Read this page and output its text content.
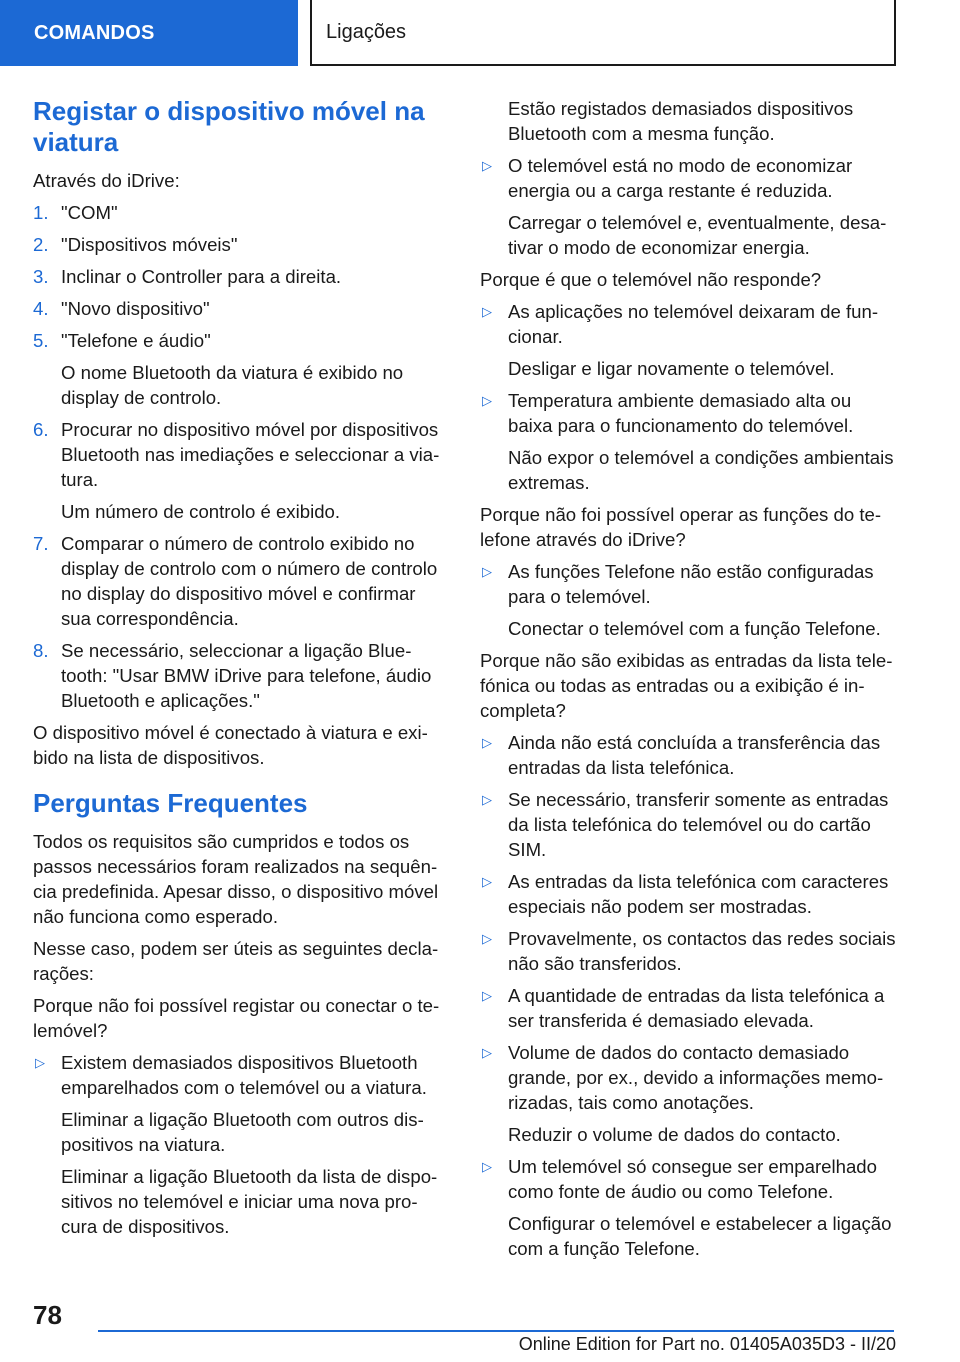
COMANDOS	Ligações
Registar o dispositivo móvel na viatura

Através do iDrive:

1. "COM"
2. "Dispositivos móveis"
3. Inclinar o Controller para a direita.
4. "Novo dispositivo"
5. "Telefone e áudio"
O nome Bluetooth da viatura é exibido no display de controlo.
6. Procurar no dispositivo móvel por dispositivos Bluetooth nas imediações e seleccionar a viatura.
Um número de controlo é exibido.
7. Comparar o número de controlo exibido no display de controlo com o número de controlo no display do dispositivo móvel e confirmar sua correspondência.
8. Se necessário, seleccionar a ligação Bluetooth: "Usar BMW iDrive para telefone, áudio Bluetooth e aplicações."

O dispositivo móvel é conectado à viatura e exibido na lista de dispositivos.

Perguntas Frequentes

Todos os requisitos são cumpridos e todos os passos necessários foram realizados na sequência predefinida. Apesar disso, o dispositivo móvel não funciona como esperado.

Nesse caso, podem ser úteis as seguintes declarações:

Porque não foi possível registar ou conectar o telemóvel?

▷ Existem demasiados dispositivos Bluetooth emparelhados com o telemóvel ou a viatura.
Eliminar a ligação Bluetooth com outros dispositivos na viatura.
Eliminar a ligação Bluetooth da lista de dispositivos no telemóvel e iniciar uma nova procura de dispositivos.

Estão registados demasiados dispositivos Bluetooth com a mesma função.

▷ O telemóvel está no modo de economizar energia ou a carga restante é reduzida.
Carregar o telemóvel e, eventualmente, desativar o modo de economizar energia.

Porque é que o telemóvel não responde?

▷ As aplicações no telemóvel deixaram de funcionar.
Desligar e ligar novamente o telemóvel.
▷ Temperatura ambiente demasiado alta ou baixa para o funcionamento do telemóvel.
Não expor o telemóvel a condições ambientais extremas.

Porque não foi possível operar as funções do telefone através do iDrive?

▷ As funções Telefone não estão configuradas para o telemóvel.
Conectar o telemóvel com a função Telefone.

Porque não são exibidas as entradas da lista telefónica ou todas as entradas ou a exibição é incompleta?

▷ Ainda não está concluída a transferência das entradas da lista telefónica.
▷ Se necessário, transferir somente as entradas da lista telefónica do telemóvel ou do cartão SIM.
▷ As entradas da lista telefónica com caracteres especiais não podem ser mostradas.
▷ Provavelmente, os contactos das redes sociais não são transferidos.
▷ A quantidade de entradas da lista telefónica a ser transferida é demasiado elevada.
▷ Volume de dados do contacto demasiado grande, por ex., devido a informações memorizadas, tais como anotações.
Reduzir o volume de dados do contacto.
▷ Um telemóvel só consegue ser emparelhado como fonte de áudio ou como Telefone.
Configurar o telemóvel e estabelecer a ligação com a função Telefone.
78
Online Edition for Part no. 01405A035D3 - II/20
